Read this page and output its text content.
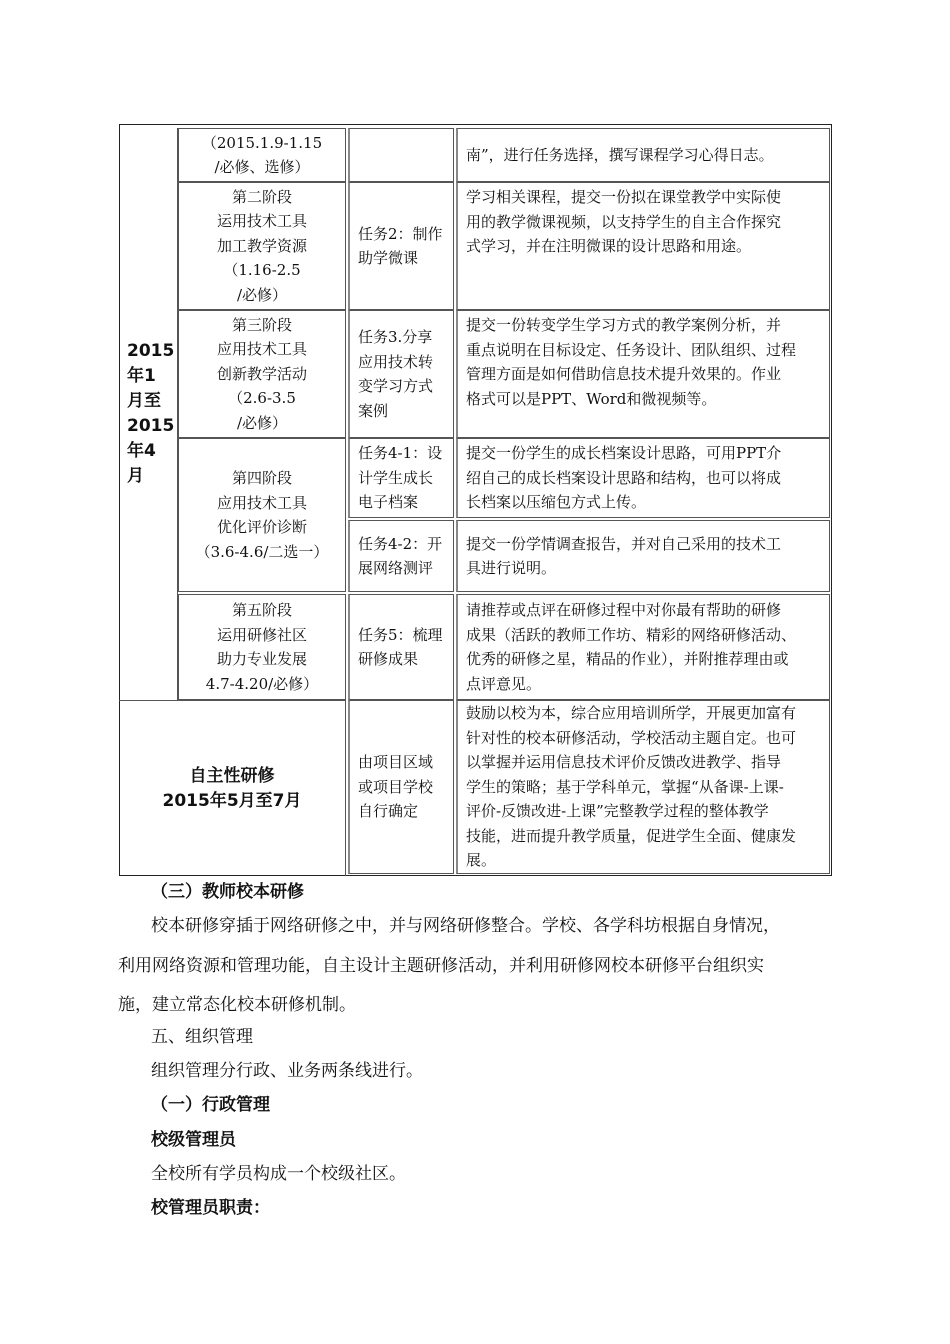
2015
年1
月至
2015
年4
月
（2015.1.9-1.15
/必修、选修）
南”，进行任务选择，撰写课程学习心得日志。
第二阶段
运用技术工具
加工教学资源
（1.16-2.5
/必修）
任务2：制作
助学微课
学习相关课程，提交一份拟在课堂教学中实际使
用的教学微课视频，以支持学生的自主合作探究
式学习，并在注明微课的设计思路和用途。
第三阶段
应用技术工具
创新教学活动
（2.6-3.5
/必修）
任务3.分享
应用技术转
变学习方式
案例
提交一份转变学生学习方式的教学案例分析，并
重点说明在目标设定、任务设计、团队组织、过程
管理方面是如何借助信息技术提升效果的。作业
格式可以是PPT、Word和微视频等。
第四阶段
应用技术工具
优化评价诊断
（3.6-4.6/二选一）
任务4-1：设
计学生成长
电子档案
提交一份学生的成长档案设计思路，可用PPT介
绍自己的成长档案设计思路和结构，也可以将成
长档案以压缩包方式上传。
任务4-2：开
展网络测评
提交一份学情调查报告，并对自己采用的技术工
具进行说明。
第五阶段
运用研修社区
助力专业发展
4.7-4.20/必修）
任务5：梳理
研修成果
请推荐或点评在研修过程中对你最有帮助的研修
成果（活跃的教师工作坊、精彩的网络研修活动、
优秀的研修之星，精品的作业），并附推荐理由或
点评意见。
自主性研修
2015年5月至7月
由项目区域
或项目学校
自行确定
鼓励以校为本，综合应用培训所学，开展更加富有
针对性的校本研修活动，学校活动主题自定。也可
以掌握并运用信息技术评价反馈改进教学、指导
学生的策略；基于学科单元，掌握“从备课-上课-
评价-反馈改进-上课”完整教学过程的整体教学
技能，进而提升教学质量，促进学生全面、健康发
展。
（三）教师校本研修
校本研修穿插于网络研修之中，并与网络研修整合。学校、各学科坊根据自身情况，
利用网络资源和管理功能，自主设计主题研修活动，并利用研修网校本研修平台组织实
施，建立常态化校本研修机制。
五、组织管理
组织管理分行政、业务两条线进行。
（一）行政管理
校级管理员
全校所有学员构成一个校级社区。
校管理员职责：
